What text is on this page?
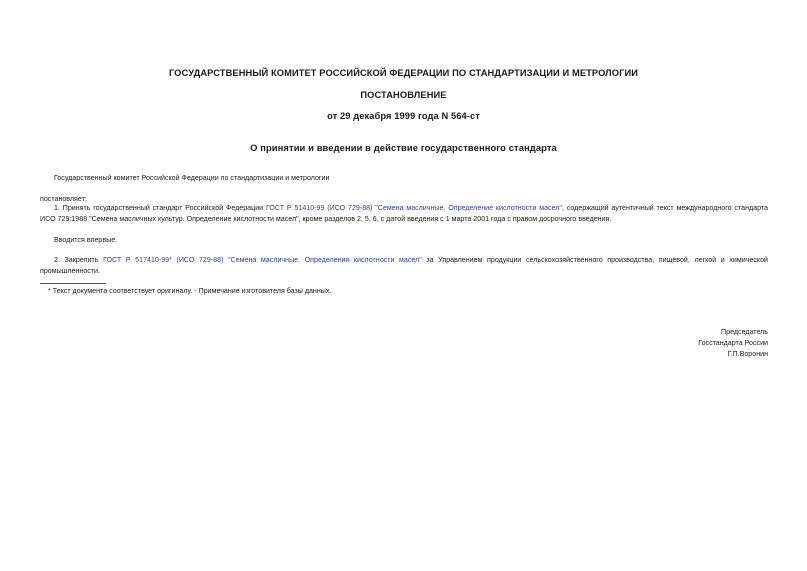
ГОСУДАРСТВЕННЫЙ КОМИТЕТ РОССИЙСКОЙ ФЕДЕРАЦИИ ПО СТАНДАРТИЗАЦИИ И МЕТРОЛОГИИ
ПОСТАНОВЛЕНИЕ
от 29 декабря 1999 года N 564-ст
О принятии и введении в действие государственного стандарта
Государственный комитет Российской Федерации по стандартизации и метрологии
постановляет:
1. Принять государственный стандарт Российской Федерации ГОСТ Р 51410-99 (ИСО 729-88) "Семена масличные. Определение кислотности масел", содержащий аутентичный текст международного стандарта ИСО 729:1988 "Семена масличных культур. Определение кислотности масел", кроме разделов 2, 5, 6, с датой введения с 1 марта 2001 года с правом досрочного введения.
Вводится впервые.
2. Закрепить ГОСТ Р 517410-99* (ИСО 729-88) "Семена масличные. Определения кислотности масел" за Управлением продукции сельскохозяйственного производства, пищевой, легкой и химической промышленности.
* Текст документа соответствует оригиналу. - Примечание изготовителя базы данных.
Председатель
Госстандарта России
Г.П.Воронин
